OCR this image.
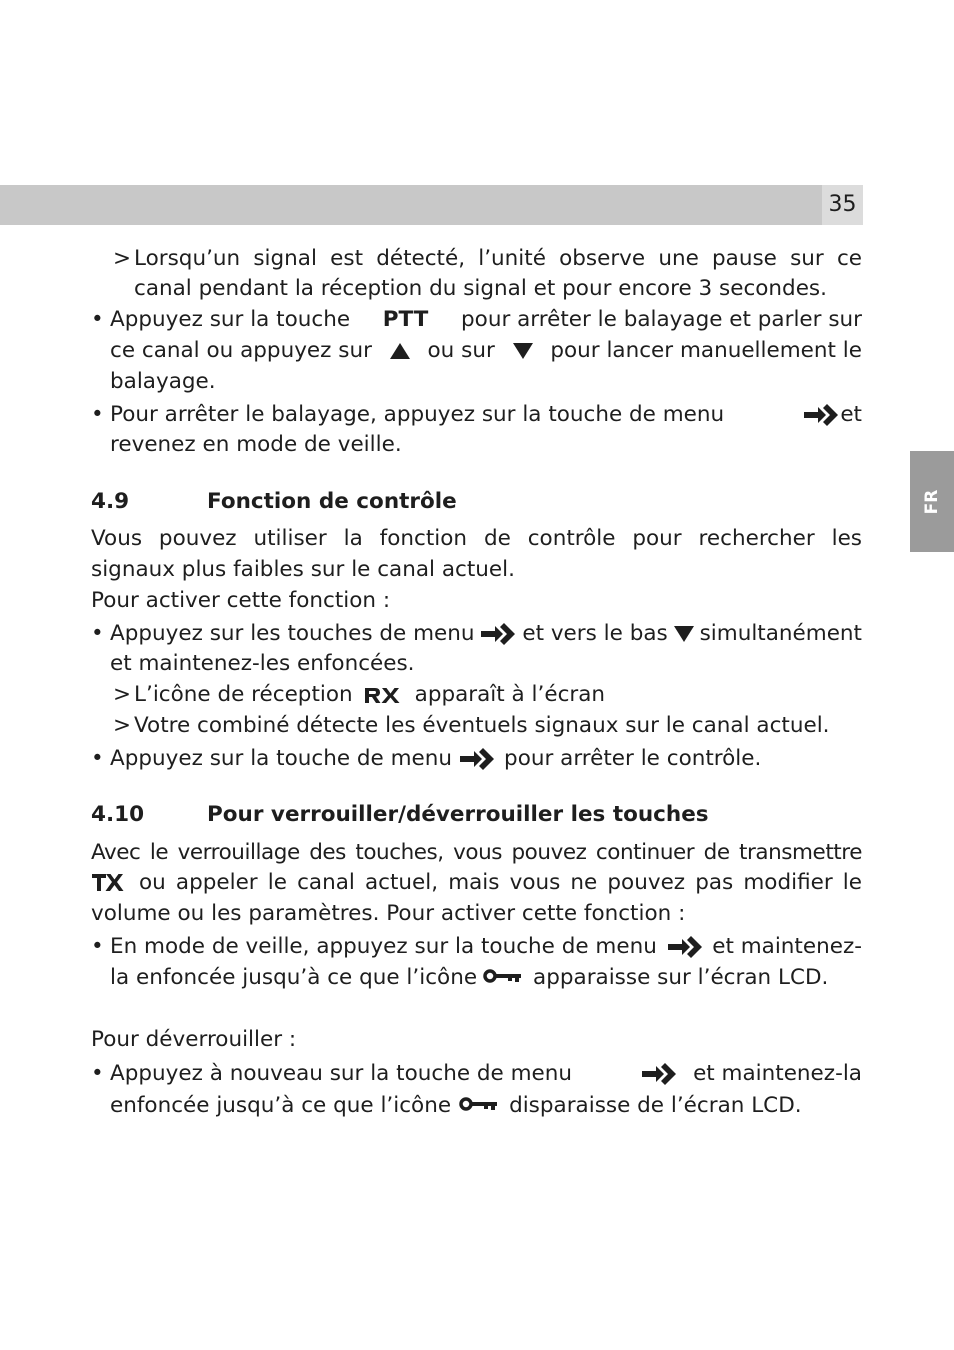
35
FR
> Lorsqu’un signal est détecté, l’unité observe une pause sur ce
canal pendant la réception du signal et pour encore 3 secondes.
• Appuyez sur la touche PTT pour arrêter le balayage et parler sur
ce canal ou appuyez sur	ou sur	pour lancer manuellement le
balayage.
• Pour arrêter le balayage, appuyez sur la touche de menu	et
revenez en mode de veille.
4.9	Fonction de contrôle
Vous pouvez utiliser la fonction de contrôle pour rechercher les
signaux plus faibles sur le canal actuel.
Pour activer cette fonction :
• Appuyez sur les touches de menu et vers le bas simultanément
et maintenez-les enfoncées.
> L’icône de réception	apparaît à l’écran
> Votre combiné détecte les éventuels signaux sur le canal actuel.
• Appuyez sur la touche de menu pour arrêter le contrôle.
4.10	Pour verrouiller/déverrouiller les touches
Avec le verrouillage des touches, vous pouvez continuer de transmettre
ou appeler le canal actuel, mais vous ne pouvez pas modifier le
volume ou les paramètres. Pour activer cette fonction :
• En mode de veille, appuyez sur la touche de menu	et maintenez-
la enfoncée jusqu’à ce que l’icône	apparaisse sur l’écran LCD.
Pour déverrouiller :
• Appuyez à nouveau sur la touche de menu	et maintenez-la
enfoncée jusqu’à ce que l’icône	disparaisse de l’écran LCD.
